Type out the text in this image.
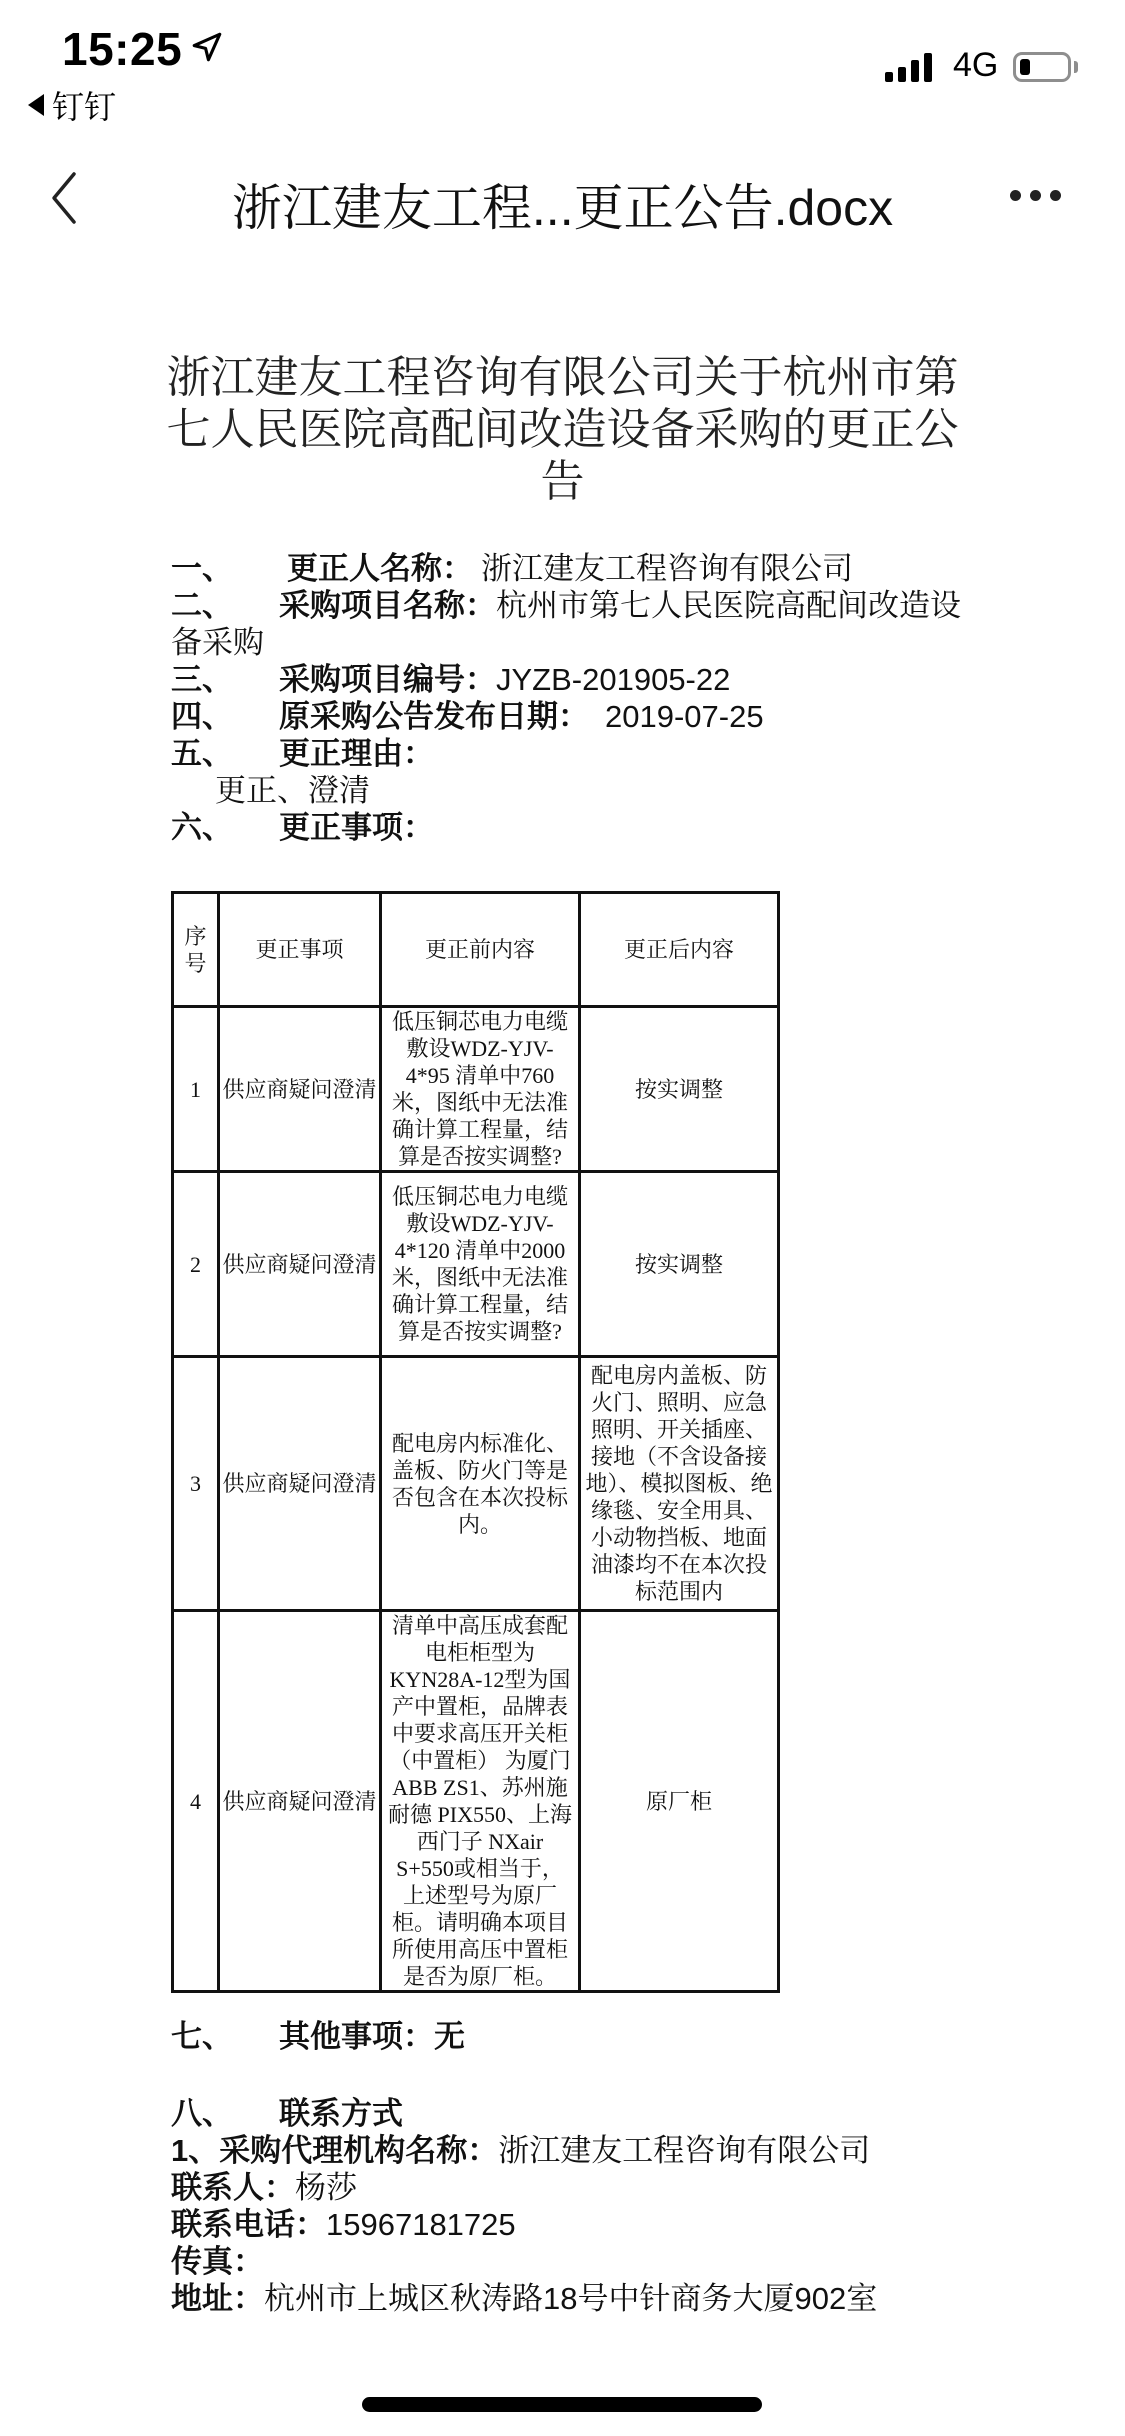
15:25
钉钉
4G
浙江建友工程...更正公告.docx
浙江建友工程咨询有限公司关于杭州市第七人民医院高配间改造设备采购的更正公告
一、 更正人名称： 浙江建友工程咨询有限公司
二、 采购项目名称：杭州市第七人民医院高配间改造设备采购
三、 采购项目编号：JYZB-201905-22
四、 原采购公告发布日期： 2019-07-25
五、 更正理由：
更正、澄清
六、 更正事项：
序号	更正事项	更正前内容	更正后内容
1	供应商疑问澄清	低压铜芯电力电缆敷设WDZ-YJV-4*95 清单中760米，图纸中无法准确计算工程量，结算是否按实调整?	按实调整
2	供应商疑问澄清	低压铜芯电力电缆敷设WDZ-YJV-4*120 清单中2000米，图纸中无法准确计算工程量，结算是否按实调整?	按实调整
3	供应商疑问澄清	配电房内标准化、盖板、防火门等是否包含在本次投标内。	配电房内盖板、防火门、照明、应急照明、开关插座、接地（不含设备接地）、模拟图板、绝缘毯、安全用具、小动物挡板、地面油漆均不在本次投标范围内
4	供应商疑问澄清	清单中高压成套配电柜柜型为KYN28A-12型为国产中置柜，品牌表中要求高压开关柜（中置柜） 为厦门ABB ZS1、苏州施耐德 PIX550、上海西门子 NXair S+550或相当于，上述型号为原厂柜。请明确本项目所使用高压中置柜是否为原厂柜。	原厂柜
七、 其他事项：无
八、 联系方式
1、采购代理机构名称：浙江建友工程咨询有限公司
联系人：杨莎
联系电话：15967181725
传真：
地址：杭州市上城区秋涛路18号中针商务大厦902室
